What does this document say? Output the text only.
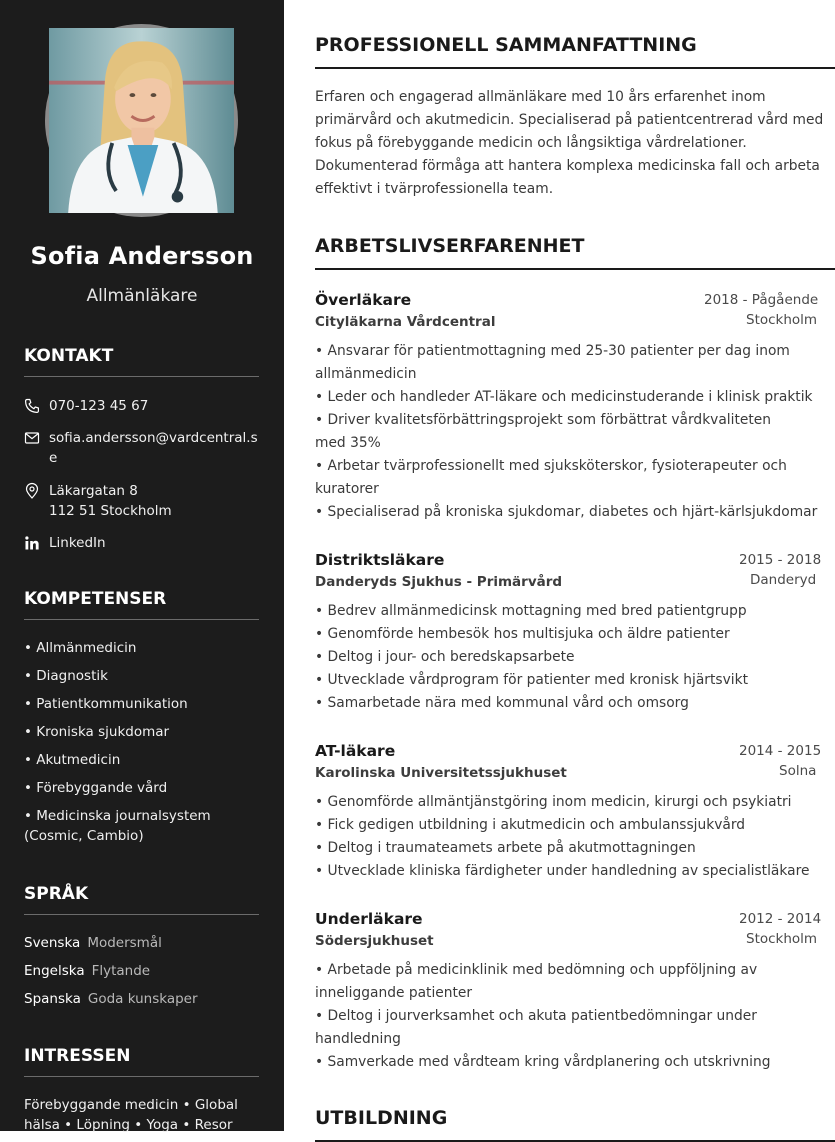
Sofia Andersson
Allmänläkare
KONTAKT
070-123 45 67
sofia.andersson@vardcentral.se
Läkargatan 8
112 51 Stockholm
LinkedIn
KOMPETENSER
• Allmänmedicin
• Diagnostik
• Patientkommunikation
• Kroniska sjukdomar
• Akutmedicin
• Förebyggande vård
• Medicinska journalsystem (Cosmic, Cambio)
SPRÅK
Svenska Modersmål
Engelska Flytande
Spanska Goda kunskaper
INTRESSEN
Förebyggande medicin • Global hälsa • Löpning • Yoga • Resor
PROFESSIONELL SAMMANFATTNING
Erfaren och engagerad allmänläkare med 10 års erfarenhet inom
primärvård och akutmedicin. Specialiserad på patientcentrerad vård med
fokus på förebyggande medicin och långsiktiga vårdrelationer.
Dokumenterad förmåga att hantera komplexa medicinska fall och arbeta
effektivt i tvärprofessionella team.
ARBETSLIVSERFARENHET
Överläkare
Cityläkarna Vårdcentral
2018 - Pågående
Stockholm
• Ansvarar för patientmottagning med 25-30 patienter per dag inom allmänmedicin
• Leder och handleder AT-läkare och medicinstuderande i klinisk praktik
• Driver kvalitetsförbättringsprojekt som förbättrat vårdkvaliteten med 35%
• Arbetar tvärprofessionellt med sjuksköterskor, fysioterapeuter och kuratorer
• Specialiserad på kroniska sjukdomar, diabetes och hjärt-kärlsjukdomar
Distriktsläkare
Danderyds Sjukhus - Primärvård
2015 - 2018
Danderyd
• Bedrev allmänmedicinsk mottagning med bred patientgrupp
• Genomförde hembesök hos multisjuka och äldre patienter
• Deltog i jour- och beredskapsarbete
• Utvecklade vårdprogram för patienter med kronisk hjärtsvikt
• Samarbetade nära med kommunal vård och omsorg
AT-läkare
Karolinska Universitetssjukhuset
2014 - 2015
Solna
• Genomförde allmäntjänstgöring inom medicin, kirurgi och psykiatri
• Fick gedigen utbildning i akutmedicin och ambulanssjukvård
• Deltog i traumateamets arbete på akutmottagningen
• Utvecklade kliniska färdigheter under handledning av specialistläkare
Underläkare
Södersjukhuset
2012 - 2014
Stockholm
• Arbetade på medicinklinik med bedömning och uppföljning av inneliggande patienter
• Deltog i jourverksamhet och akuta patientbedömningar under handledning
• Samverkade med vårdteam kring vårdplanering och utskrivning
UTBILDNING
